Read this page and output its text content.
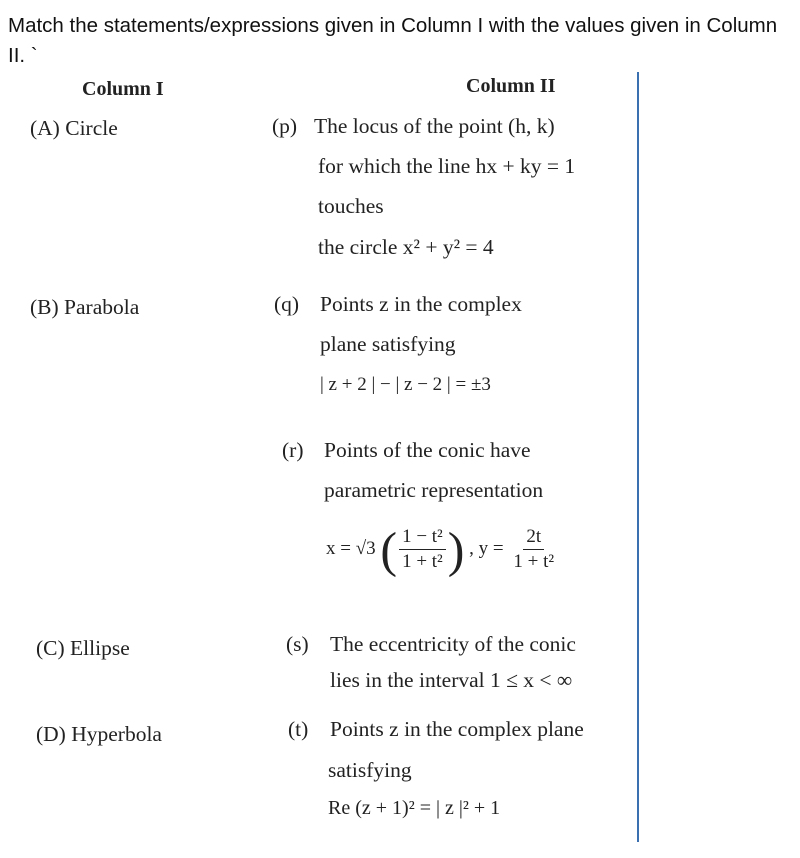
Match the statements/expressions given in Column I with the values given in Column II. `
Column I	Column II
(A) Circle
(B) Parabola
(C) Ellipse
(D) Hyperbola
(p) The locus of the point (h, k)
for which the line hx + ky = 1
touches
the circle x² + y² = 4
(q) Points z in the complex
plane satisfying
| z + 2 | − | z − 2 | = ±3
(r) Points of the conic have
parametric representation
x = √3 ( $\frac{\text{1 − t²}}{\text{1 + t²}}$ ) , $y = \frac{2t}{\text{1 + t²}}$
(s) The eccentricity of the conic
lies in the interval 1 ≤ x < ∞
(t) Points z in the complex plane
satisfying
Re (z + 1)² = | z |² + 1
